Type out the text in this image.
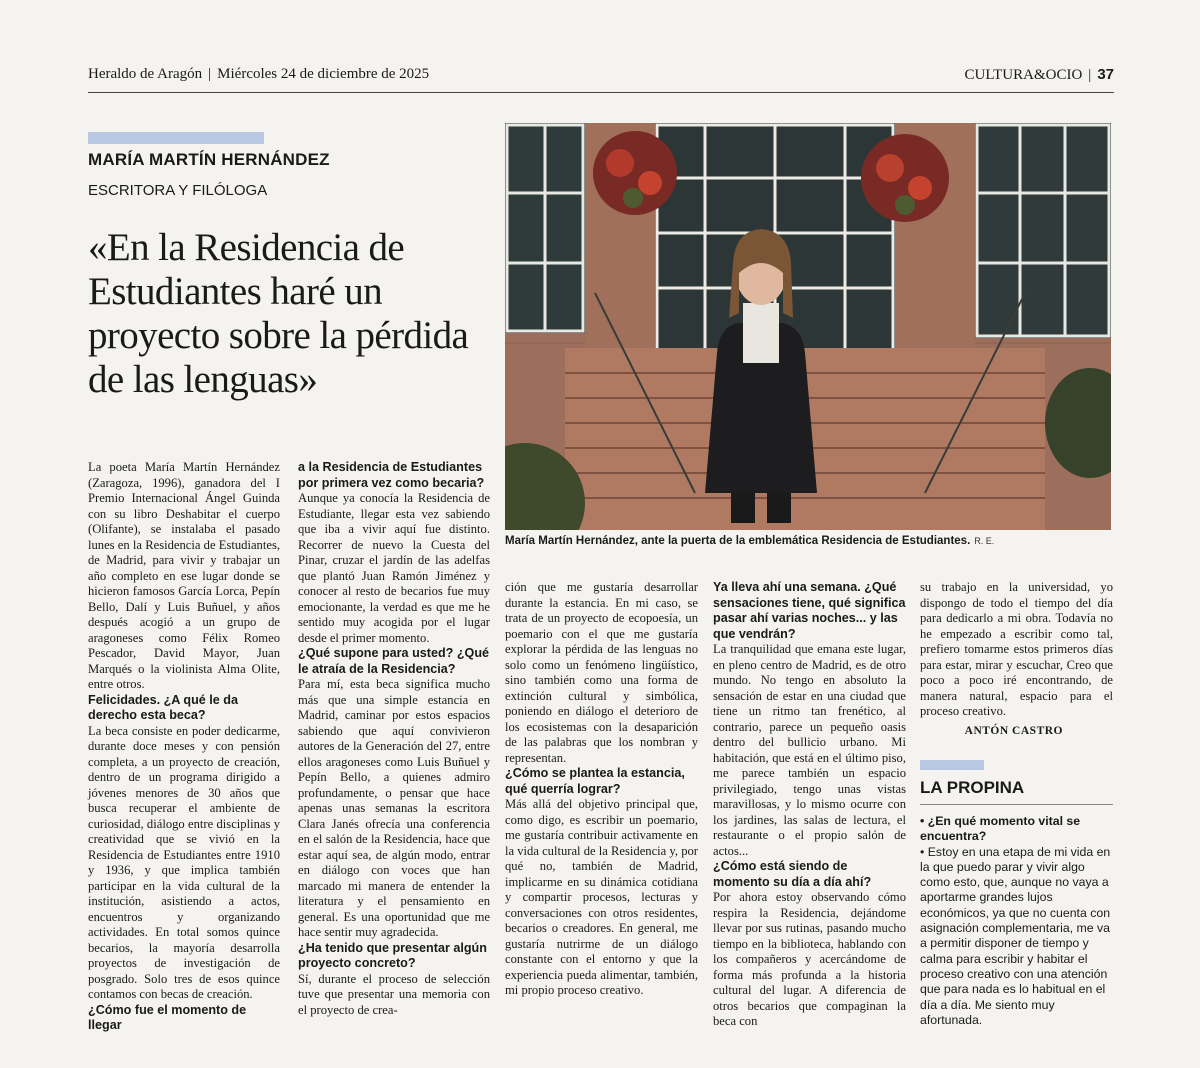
Heraldo de Aragón | Miércoles 24 de diciembre de 2025	CULTURA&OCIO | 37
MARÍA MARTÍN HERNÁNDEZ
ESCRITORA Y FILÓLOGA
«En la Residencia de Estudiantes haré un proyecto sobre la pérdida de las lenguas»
María Martín Hernández, ante la puerta de la emblemática Residencia de Estudiantes. R. E.

La poeta María Martín Hernández (Zaragoza, 1996), ganadora del I Premio Internacional Ángel Guinda con su libro Deshabitar el cuerpo (Olifante), se instalaba el pasado lunes en la Residencia de Estudiantes, de Madrid, para vivir y trabajar un año completo en ese lugar donde se hicieron famosos García Lorca, Pepín Bello, Dalí y Luis Buñuel, y años después acogió a un grupo de aragoneses como Félix Romeo Pescador, David Mayor, Juan Marqués o la violinista Alma Olite, entre otros.

Felicidades. ¿A qué le da derecho esta beca?

La beca consiste en poder dedicarme, durante doce meses y con pensión completa, a un proyecto de creación, dentro de un programa dirigido a jóvenes menores de 30 años que busca recuperar el ambiente de curiosidad, diálogo entre disciplinas y creatividad que se vivió en la Residencia de Estudiantes entre 1910 y 1936, y que implica también participar en la vida cultural de la institución, asistiendo a actos, encuentros y organizando actividades. En total somos quince becarios, la mayoría desarrolla proyectos de investigación de posgrado. Solo tres de esos quince contamos con becas de creación.

¿Cómo fue el momento de llegar

a la Residencia de Estudiantes por primera vez como becaria?

Aunque ya conocía la Residencia de Estudiante, llegar esta vez sabiendo que iba a vivir aquí fue distinto. Recorrer de nuevo la Cuesta del Pinar, cruzar el jardín de las adelfas que plantó Juan Ramón Jiménez y conocer al resto de becarios fue muy emocionante, la verdad es que me he sentido muy acogida por el lugar desde el primer momento.

¿Qué supone para usted? ¿Qué le atraía de la Residencia?

Para mí, esta beca significa mucho más que una simple estancia en Madrid, caminar por estos espacios sabiendo que aquí convivieron autores de la Generación del 27, entre ellos aragoneses como Luis Buñuel y Pepín Bello, a quienes admiro profundamente, o pensar que hace apenas unas semanas la escritora Clara Janés ofrecía una conferencia en el salón de la Residencia, hace que estar aquí sea, de algún modo, entrar en diálogo con voces que han marcado mi manera de entender la literatura y el pensamiento en general. Es una oportunidad que me hace sentir muy agradecida.

¿Ha tenido que presentar algún proyecto concreto?

Sí, durante el proceso de selección tuve que presentar una memoria con el proyecto de crea-

ción que me gustaría desarrollar durante la estancia. En mi caso, se trata de un proyecto de ecopoesía, un poemario con el que me gustaría explorar la pérdida de las lenguas no solo como un fenómeno lingüístico, sino también como una forma de extinción cultural y simbólica, poniendo en diálogo el deterioro de los ecosistemas con la desaparición de las palabras que los nombran y representan.

¿Cómo se plantea la estancia, qué querría lograr?

Más allá del objetivo principal que, como digo, es escribir un poemario, me gustaría contribuir activamente en la vida cultural de la Residencia y, por qué no, también de Madrid, implicarme en su dinámica cotidiana y compartir procesos, lecturas y conversaciones con otros residentes, becarios o creadores. En general, me gustaría nutrirme de un diálogo constante con el entorno y que la experiencia pueda alimentar, también, mi propio proceso creativo.

Ya lleva ahí una semana. ¿Qué sensaciones tiene, qué significa pasar ahí varias noches... y las que vendrán?

La tranquilidad que emana este lugar, en pleno centro de Madrid, es de otro mundo. No tengo en absoluto la sensación de estar en una ciudad que tiene un ritmo tan frenético, al contrario, parece un pequeño oasis dentro del bullicio urbano. Mi habitación, que está en el último piso, me parece también un espacio privilegiado, tengo unas vistas maravillosas, y lo mismo ocurre con los jardines, las salas de lectura, el restaurante o el propio salón de actos...

¿Cómo está siendo de momento su día a día ahí?

Por ahora estoy observando cómo respira la Residencia, dejándome llevar por sus rutinas, pasando mucho tiempo en la biblioteca, hablando con los compañeros y acercándome de forma más profunda a la historia cultural del lugar. A diferencia de otros becarios que compaginan la beca con

su trabajo en la universidad, yo dispongo de todo el tiempo del día para dedicarlo a mi obra. Todavía no he empezado a escribir como tal, prefiero tomarme estos primeros días para estar, mirar y escuchar, Creo que poco a poco iré encontrando, de manera natural, espacio para el proceso creativo.

ANTÓN CASTRO
LA PROPINA

• ¿En qué momento vital se encuentra?

• Estoy en una etapa de mi vida en la que puedo parar y vivir algo como esto, que, aunque no vaya a aportarme grandes lujos económicos, ya que no cuenta con asignación complementaria, me va a permitir disponer de tiempo y calma para escribir y habitar el proceso creativo con una atención que para nada es lo habitual en el día a día. Me siento muy afortunada.
